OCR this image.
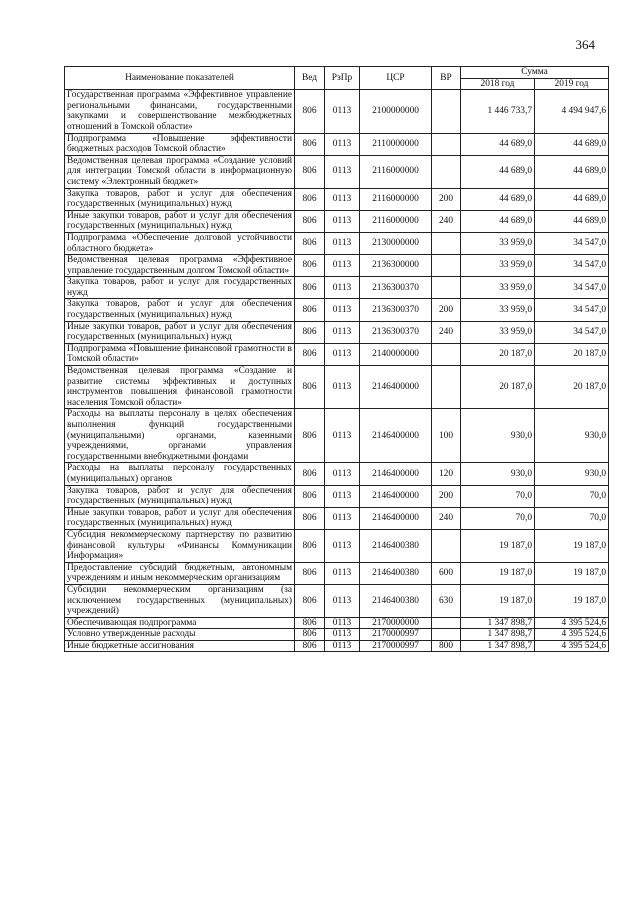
364
Наименование показателей	Вед	РзПр	ЦСР	ВР	Сумма	
					2018 год	2019 год
Государственная программа «Эффективное управление региональными финансами, государственными закупками и совершенствование межбюджетных отношений в Томской области»	806	0113	2100000000		1 446 733,7	4 494 947,6
Подпрограмма «Повышение эффективности бюджетных расходов Томской области»	806	0113	2110000000		44 689,0	44 689,0
Ведомственная целевая программа «Создание условий для интеграции Томской области в информационную систему «Электронный бюджет»	806	0113	2116000000		44 689,0	44 689,0
Закупка товаров, работ и услуг для обеспечения государственных (муниципальных) нужд	806	0113	2116000000	200	44 689,0	44 689,0
Иные закупки товаров, работ и услуг для обеспечения государственных (муниципальных) нужд	806	0113	2116000000	240	44 689,0	44 689,0
Подпрограмма «Обеспечение долговой устойчивости областного бюджета»	806	0113	2130000000		33 959,0	34 547,0
Ведомственная целевая программа «Эффективное управление государственным долгом Томской области»	806	0113	2136300000		33 959,0	34 547,0
Закупка товаров, работ и услуг для государственных нужд	806	0113	2136300370		33 959,0	34 547,0
Закупка товаров, работ и услуг для обеспечения государственных (муниципальных) нужд	806	0113	2136300370	200	33 959,0	34 547,0
Иные закупки товаров, работ и услуг для обеспечения государственных (муниципальных) нужд	806	0113	2136300370	240	33 959,0	34 547,0
Подпрограмма «Повышение финансовой грамотности в Томской области»	806	0113	2140000000		20 187,0	20 187,0
Ведомственная целевая программа «Создание и развитие системы эффективных и доступных инструментов повышения финансовой грамотности населения Томской области»	806	0113	2146400000		20 187,0	20 187,0
Расходы на выплаты персоналу в целях обеспечения выполнения функций государственными (муниципальными) органами, казенными учреждениями, органами управления государственными внебюджетными фондами	806	0113	2146400000	100	930,0	930,0
Расходы на выплаты персоналу государственных (муниципальных) органов	806	0113	2146400000	120	930,0	930,0
Закупка товаров, работ и услуг для обеспечения государственных (муниципальных) нужд	806	0113	2146400000	200	70,0	70,0
Иные закупки товаров, работ и услуг для обеспечения государственных (муниципальных) нужд	806	0113	2146400000	240	70,0	70,0
Субсидия некоммерческому партнерству по развитию финансовой культуры «Финансы Коммуникации Информация»	806	0113	2146400380		19 187,0	19 187,0
Предоставление субсидий бюджетным, автономным учреждениям и иным некоммерческим организациям	806	0113	2146400380	600	19 187,0	19 187,0
Субсидии некоммерческим организациям (за исключением государственных (муниципальных) учреждений)	806	0113	2146400380	630	19 187,0	19 187,0
Обеспечивающая подпрограмма	806	0113	2170000000		1 347 898,7	4 395 524,6
Условно утвержденные расходы	806	0113	2170000997		1 347 898,7	4 395 524,6
Иные бюджетные ассигнования	806	0113	2170000997	800	1 347 898,7	4 395 524,6
